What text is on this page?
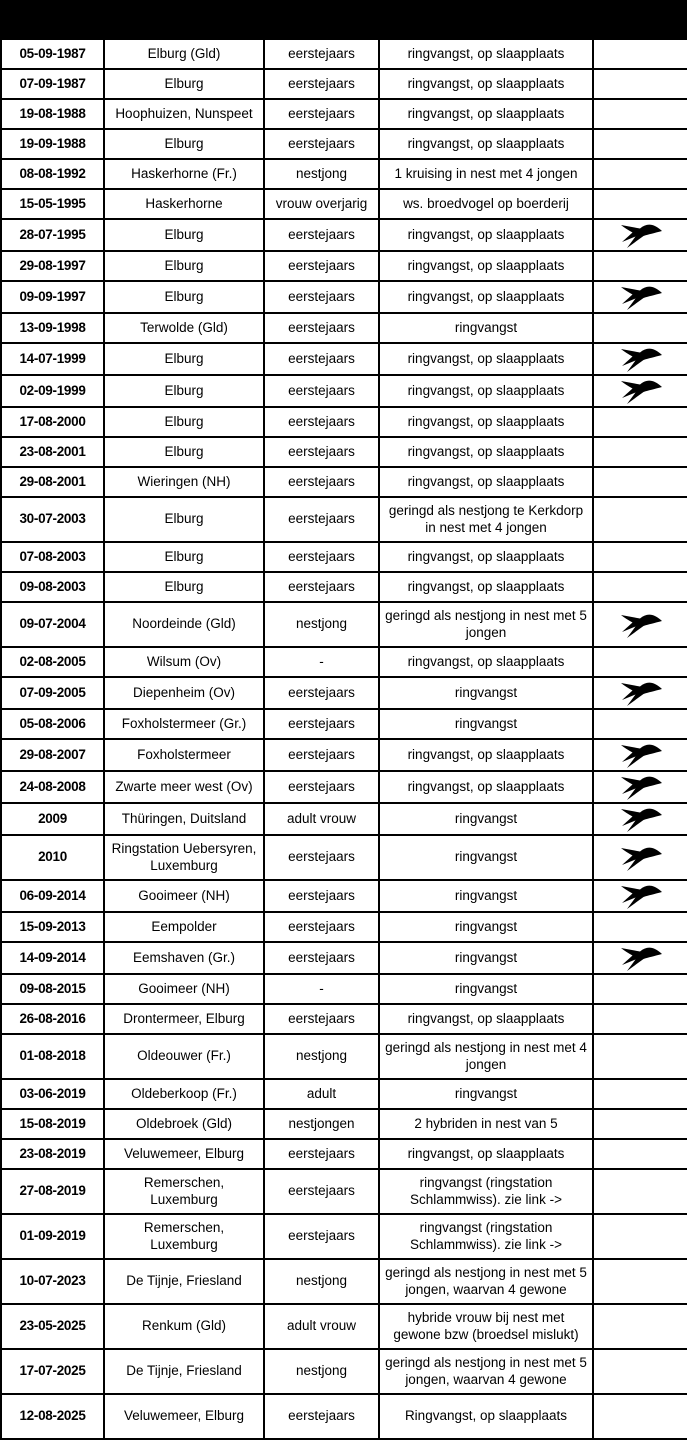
05-09-1987	Elburg (Gld)	eerstejaars	ringvangst, op slaapplaats	
07-09-1987	Elburg	eerstejaars	ringvangst, op slaapplaats	
19-08-1988	Hoophuizen, Nunspeet	eerstejaars	ringvangst, op slaapplaats	
19-09-1988	Elburg	eerstejaars	ringvangst, op slaapplaats	
08-08-1992	Haskerhorne (Fr.)	nestjong	1 kruising in nest met 4 jongen	
15-05-1995	Haskerhorne	vrouw overjarig	ws. broedvogel op boerderij	
28-07-1995	Elburg	eerstejaars	ringvangst, op slaapplaats	

29-08-1997	Elburg	eerstejaars	ringvangst, op slaapplaats	
09-09-1997	Elburg	eerstejaars	ringvangst, op slaapplaats	

13-09-1998	Terwolde (Gld)	eerstejaars	ringvangst	
14-07-1999	Elburg	eerstejaars	ringvangst, op slaapplaats	

02-09-1999	Elburg	eerstejaars	ringvangst, op slaapplaats	

17-08-2000	Elburg	eerstejaars	ringvangst, op slaapplaats	
23-08-2001	Elburg	eerstejaars	ringvangst, op slaapplaats	
29-08-2001	Wieringen (NH)	eerstejaars	ringvangst, op slaapplaats	
30-07-2003	Elburg	eerstejaars	geringd als nestjong te Kerkdorp in nest met 4 jongen	
07-08-2003	Elburg	eerstejaars	ringvangst, op slaapplaats	
09-08-2003	Elburg	eerstejaars	ringvangst, op slaapplaats	
09-07-2004	Noordeinde (Gld)	nestjong	geringd als nestjong in nest met 5 jongen	

02-08-2005	Wilsum (Ov)	-	ringvangst, op slaapplaats	
07-09-2005	Diepenheim (Ov)	eerstejaars	ringvangst	

05-08-2006	Foxholstermeer (Gr.)	eerstejaars	ringvangst	
29-08-2007	Foxholstermeer	eerstejaars	ringvangst, op slaapplaats	

24-08-2008	Zwarte meer west (Ov)	eerstejaars	ringvangst, op slaapplaats	

2009	Thüringen, Duitsland	adult vrouw	ringvangst	

2010	Ringstation Uebersyren, Luxemburg	eerstejaars	ringvangst	

06-09-2014	Gooimeer (NH)	eerstejaars	ringvangst	

15-09-2013	Eempolder	eerstejaars	ringvangst	
14-09-2014	Eemshaven (Gr.)	eerstejaars	ringvangst	

09-08-2015	Gooimeer (NH)	-	ringvangst	
26-08-2016	Drontermeer, Elburg	eerstejaars	ringvangst, op slaapplaats	
01-08-2018	Oldeouwer (Fr.)	nestjong	geringd als nestjong in nest met 4 jongen	
03-06-2019	Oldeberkoop (Fr.)	adult	ringvangst	
15-08-2019	Oldebroek (Gld)	nestjongen	2 hybriden in nest van 5	
23-08-2019	Veluwemeer, Elburg	eerstejaars	ringvangst, op slaapplaats	
27-08-2019	Remerschen, Luxemburg	eerstejaars	ringvangst (ringstation Schlammwiss). zie link ->	
01-09-2019	Remerschen, Luxemburg	eerstejaars	ringvangst (ringstation Schlammwiss). zie link ->	
10-07-2023	De Tijnje, Friesland	nestjong	geringd als nestjong in nest met 5 jongen, waarvan 4 gewone	
23-05-2025	Renkum (Gld)	adult vrouw	hybride vrouw bij nest met gewone bzw (broedsel mislukt)	
17-07-2025	De Tijnje, Friesland	nestjong	geringd als nestjong in nest met 5 jongen, waarvan 4 gewone	
12-08-2025	Veluwemeer, Elburg	eerstejaars	Ringvangst, op slaapplaats	
